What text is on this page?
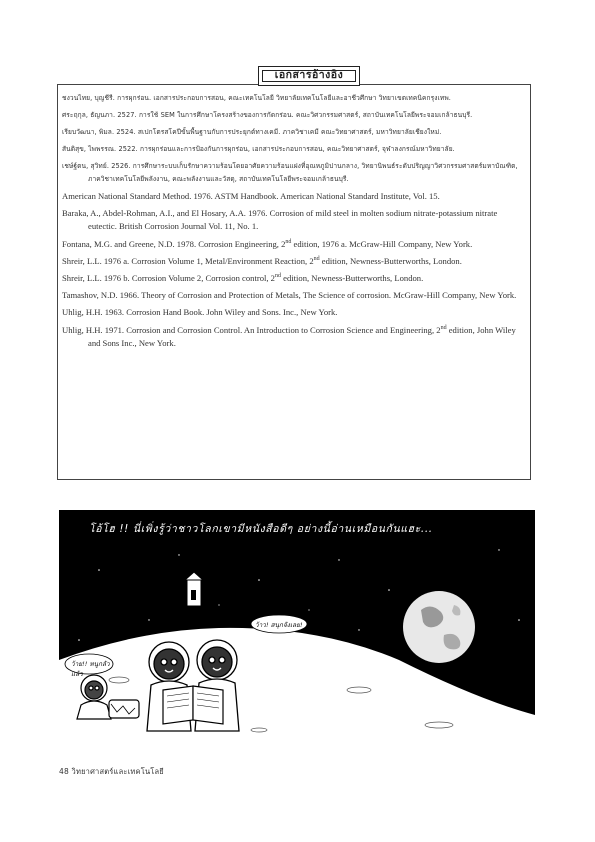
เอกสารอ้างอิง
ชงวนไทย, บุญชีรี. การผุกร่อน. เอกสารประกอบการสอน, คณะเทคโนโลยี วิทยาลัยเทคโนโลยีและอาชีวศึกษา วิทยาเขตเทคนิคกรุงเทพ.
ศระฤกุล, ธัญนภา. 2527. การใช้ SEM ในการศึกษาโครงสร้างของการกัดกร่อน. คณะวิศวกรรมศาสตร์, สถาบันเทคโนโลยีพระจอมเกล้าธนบุรี.
เรียบวัฒนา, พิมล. 2524. สเปกโตรสโคปีขั้นพื้นฐานกับการประยุกต์ทางเคมี. ภาควิชาเคมี คณะวิทยาศาสตร์, มหาวิทยาลัยเชียงใหม่.
สันติสุข, ไพพรรณ. 2522. การผุกร่อนและการป้องกันการผุกร่อน, เอกสารประกอบการสอน, คณะวิทยาศาสตร์, จุฬาลงกรณ์มหาวิทยาลัย.
เชษ์ฐ์ตน, สุวิทย์. 2526. การศึกษาระบบเก็บรักษาความร้อนโดยอาศัยความร้อนแฝงที่อุณหภูมิปานกลาง, วิทยานิพนธ์ระดับปริญญาวิศวกรรมศาสตร์มหาบัณฑิต, ภาควิชาเทคโนโลยีพลังงาน, คณะพลังงานและวัสดุ, สถาบันเทคโนโลยีพระจอมเกล้าธนบุรี.
American National Standard Method. 1976. ASTM Handbook. American National Standard Institute, Vol. 15.
Baraka, A., Abdel-Rohman, A.I., and El Hosary, A.A. 1976. Corrosion of mild steel in molten sodium nitrate-potassium nitrate eutectic. British Corrosion Journal Vol. 11, No. 1.
Fontana, M.G. and Greene, N.D. 1978. Corrosion Engineering, 2nd edition, 1976 a. McGraw-Hill Company, New York.
Shreir, L.L. 1976 a. Corrosion Volume 1, Metal/Environment Reaction, 2nd edition, Newness-Butterworths, London.
Shreir, L.L. 1976 b. Corrosion Volume 2, Corrosion control, 2nd edition, Newness-Butterworths, London.
Tamashov, N.D. 1966. Theory of Corrosion and Protection of Metals, The Science of corrosion. McGraw-Hill Company, New York.
Uhlig, H.H. 1963. Corrosion Hand Book. John Wiley and Sons. Inc., New York.
Uhlig, H.H. 1971. Corrosion and Corrosion Control. An Introduction to Corrosion Science and Engineering, 2nd edition, John Wiley and Sons Inc., New York.
โอ้โฮ !! นี่เพิ่งรู้ว่าชาวโลกเขามีหนังสือดีๆ อย่างนี้อ่านเหมือนกันแฮะ...
ว้าย!! หนูกลัวแล้ว
ว้าว! สนุกจังเลย!
48 วิทยาศาสตร์และเทคโนโลยี
